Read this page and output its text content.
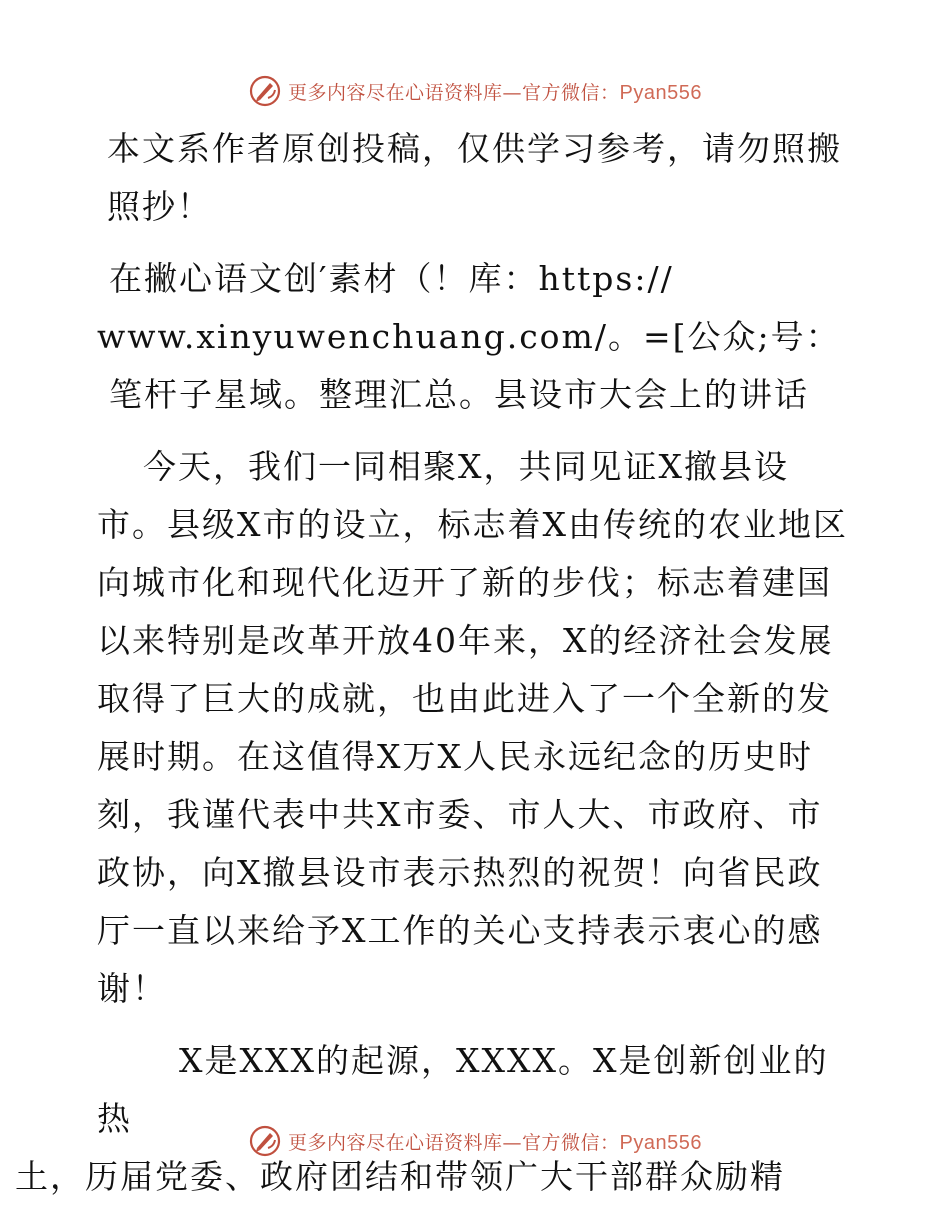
更多内容尽在心语资料库—官方微信：Pyan556

本文系作者原创投稿，仅供学习参考，请勿照搬照抄！

在撇心语文创′素材（！库：https://
www.xinyuwenchuang.com/。=[公众;号：笔杆子星域。整理汇总。县设市大会上的讲话

今天，我们一同相聚X，共同见证X撤县设市。县级X市的设立，标志着X由传统的农业地区向城市化和现代化迈开了新的步伐；标志着建国以来特别是改革开放40年来，X的经济社会发展取得了巨大的成就，也由此进入了一个全新的发展时期。在这值得X万X人民永远纪念的历史时刻，我谨代表中共X市委、市人大、市政府、市政协，向X撤县设市表示热烈的祝贺！向省民政厅一直以来给予X工作的关心支持表示衷心的感谢！

X是XXX的起源，XXXX。X是创新创业的热
土，历届党委、政府团结和带领广大干部群众励精

更多内容尽在心语资料库—官方微信：Pyan556
